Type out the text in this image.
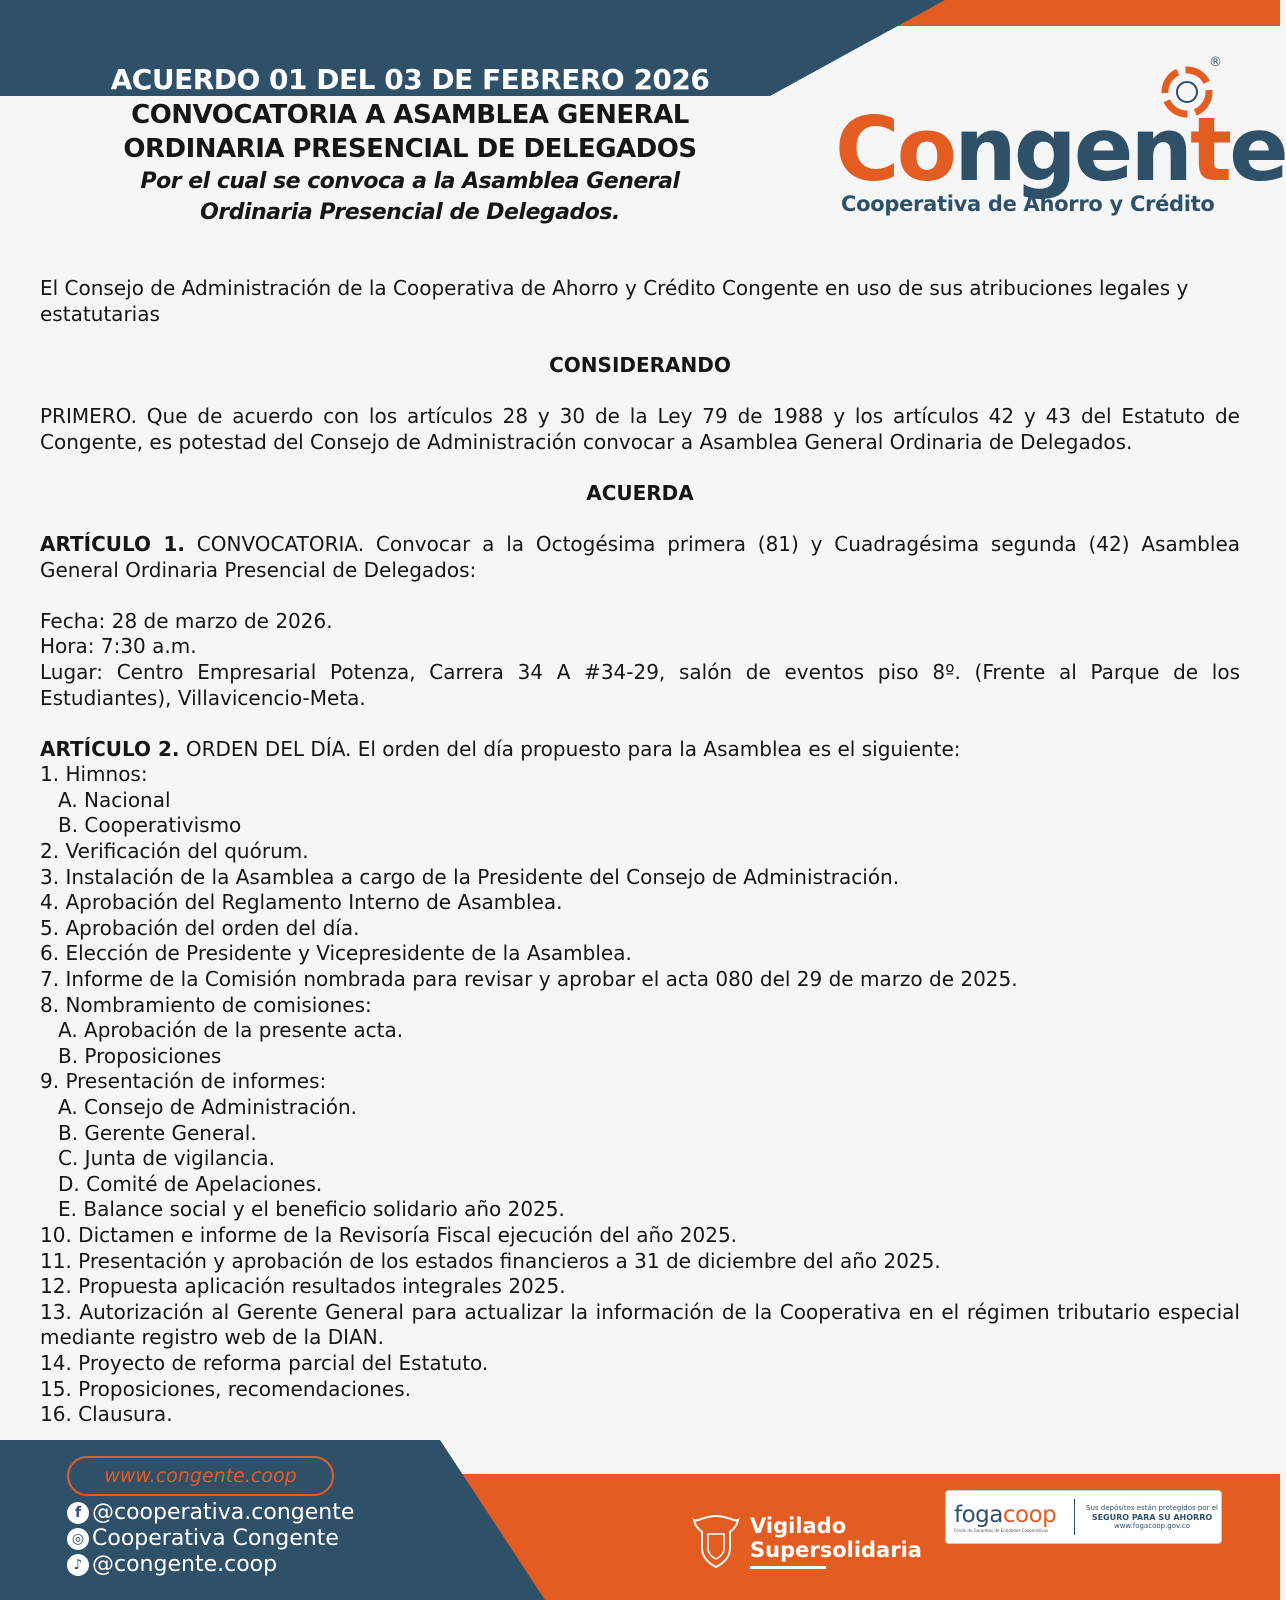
ACUERDO 01 DEL 03 DE FEBRERO 2026
CONVOCATORIA A ASAMBLEA GENERAL
ORDINARIA PRESENCIAL DE DELEGADOS
Por el cual se convoca a la Asamblea General
Ordinaria Presencial de Delegados.
®
Congente
Cooperativa de Ahorro y Crédito
El Consejo de Administración de la Cooperativa de Ahorro y Crédito Congente en uso de sus atribuciones legales y estatutarias
CONSIDERANDO
PRIMERO. Que de acuerdo con los artículos 28 y 30 de la Ley 79 de 1988 y los artículos 42 y 43 del Estatuto de Congente, es potestad del Consejo de Administración convocar a Asamblea General Ordinaria de Delegados.
ACUERDA
ARTÍCULO 1. CONVOCATORIA. Convocar a la Octogésima primera (81) y Cuadragésima segunda (42) Asamblea General Ordinaria Presencial de Delegados:
Fecha: 28 de marzo de 2026.
Hora: 7:30 a.m.
Lugar: Centro Empresarial Potenza, Carrera 34 A #34-29, salón de eventos piso 8º. (Frente al Parque de los Estudiantes), Villavicencio-Meta.
ARTÍCULO 2. ORDEN DEL DÍA. El orden del día propuesto para la Asamblea es el siguiente:
1. Himnos:
A. Nacional
B. Cooperativismo
2. Verificación del quórum.
3. Instalación de la Asamblea a cargo de la Presidente del Consejo de Administración.
4. Aprobación del Reglamento Interno de Asamblea.
5. Aprobación del orden del día.
6. Elección de Presidente y Vicepresidente de la Asamblea.
7. Informe de la Comisión nombrada para revisar y aprobar el acta 080 del 29 de marzo de 2025.
8. Nombramiento de comisiones:
A. Aprobación de la presente acta.
B. Proposiciones
9. Presentación de informes:
A. Consejo de Administración.
B. Gerente General.
C. Junta de vigilancia.
D. Comité de Apelaciones.
E. Balance social y el beneficio solidario año 2025.
10. Dictamen e informe de la Revisoría Fiscal ejecución del año 2025.
11. Presentación y aprobación de los estados financieros a 31 de diciembre del año 2025.
12. Propuesta aplicación resultados integrales 2025.
13. Autorización al Gerente General para actualizar la información de la Cooperativa en el régimen tributario especial mediante registro web de la DIAN.
14. Proyecto de reforma parcial del Estatuto.
15. Proposiciones, recomendaciones.
16. Clausura.
www.congente.coop
f @cooperativa.congente
◎ Cooperativa Congente
♪ @congente.coop
Vigilado
Supersolidaria
fogacoop
Fondo de Garantías de Entidades Cooperativas
Sus depósitos están protegidos por el
SEGURO PARA SU AHORRO
www.fogacoop.gov.co
